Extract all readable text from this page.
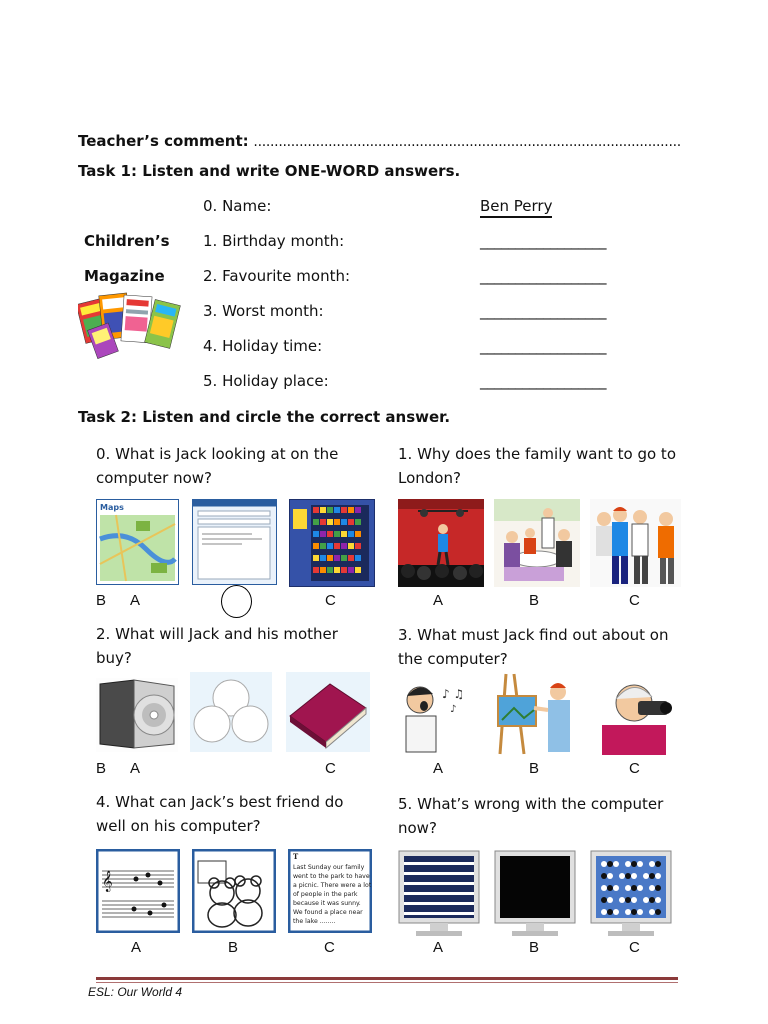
Teacher’s comment: .......................................................................................................
Task 1: Listen and write ONE-WORD answers.
Children’s
Magazine
0. Name:	Ben Perry
1. Birthday month:	__________________
2. Favourite month:	__________________
3. Worst month:	__________________
4. Holiday time:	__________________
5. Holiday place:	__________________
Task 2: Listen and circle the correct answer.
0. What is Jack looking at on the
computer now?
Maps
B A	C
1. Why does the family want to go to
London?
A	B	C
2. What will Jack and his mother
buy?
B A	C
3. What must Jack find out about on
the computer?
♪ ♫
♪
A	B	C
4. What can Jack’s best friend do
well on his computer?
𝄞
T
Last Sunday our family
went to the park to have
a picnic. There were a lot
of people in the park
because it was sunny.
We found a place near
the lake ........
A	B	C
5. What’s wrong with the computer
now?
A	B	C
ESL: Our World 4
